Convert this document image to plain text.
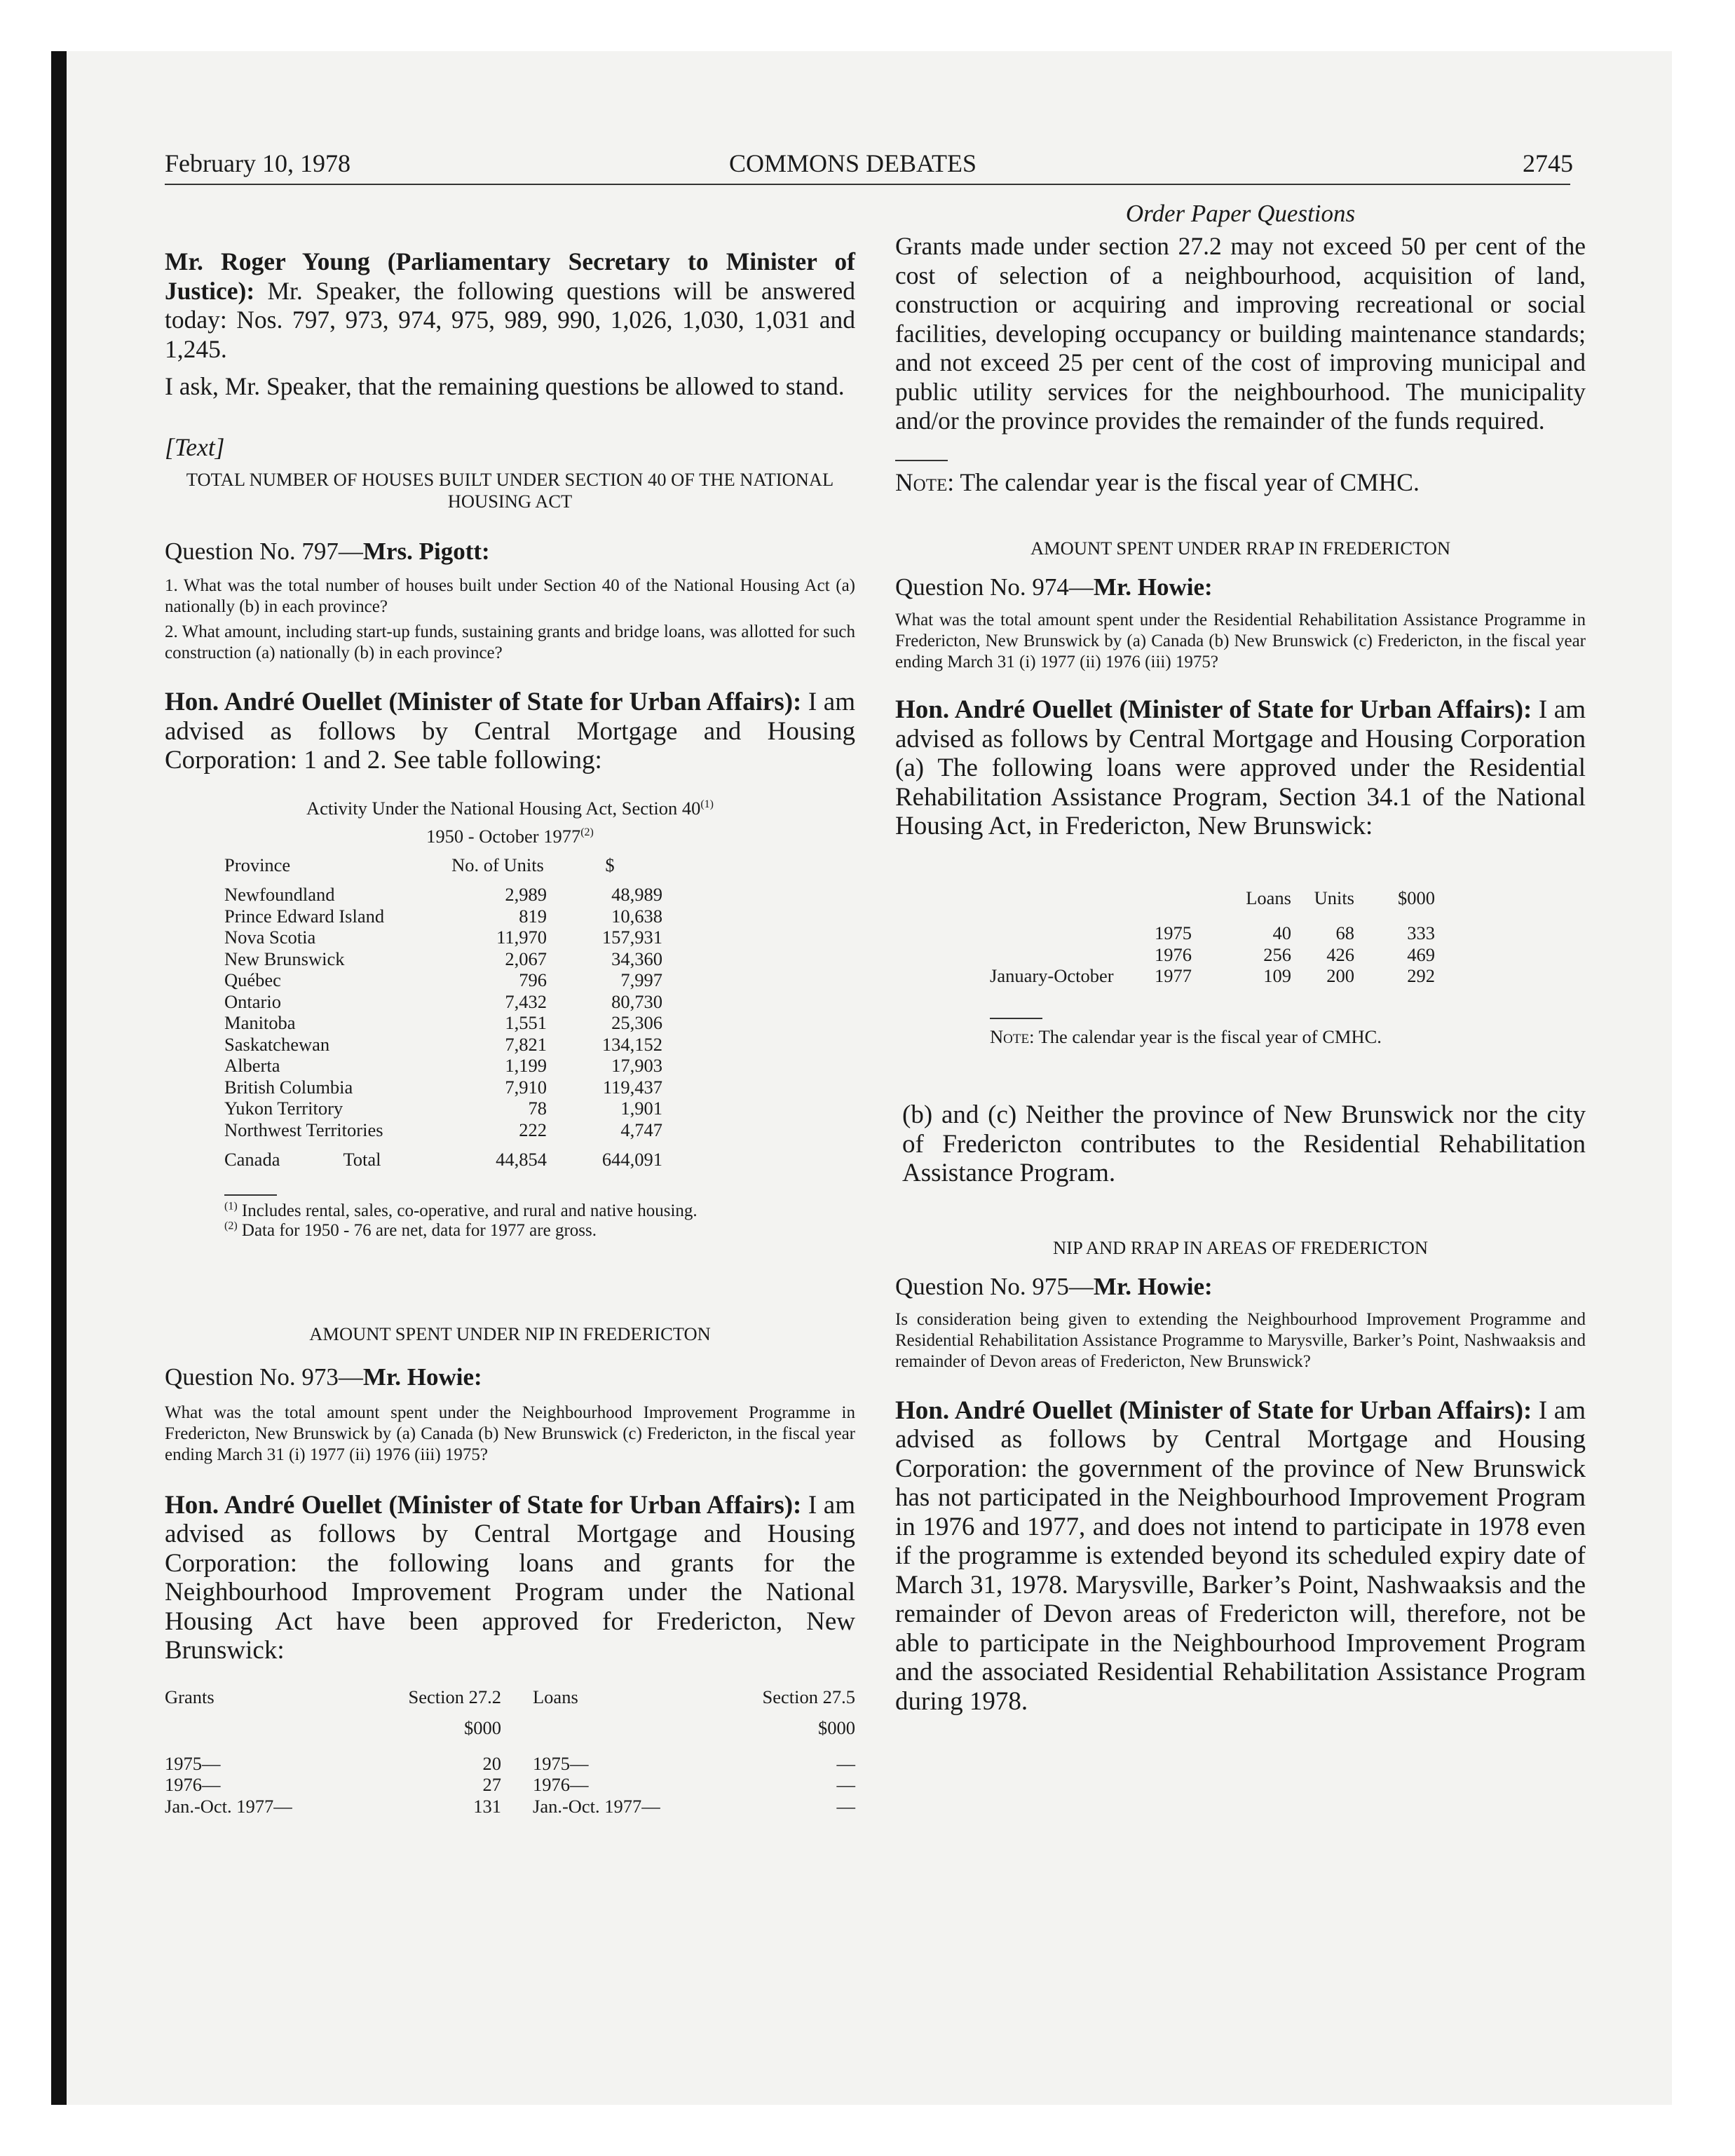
February 10, 1978	COMMONS DEBATES	2745

Mr. Roger Young (Parliamentary Secretary to Minister of Justice): Mr. Speaker, the following questions will be answered today: Nos. 797, 973, 974, 975, 989, 990, 1,026, 1,030, 1,031 and 1,245.

I ask, Mr. Speaker, that the remaining questions be allowed to stand.

[Text]

TOTAL NUMBER OF HOUSES BUILT UNDER SECTION 40 OF THE NATIONAL HOUSING ACT

Question No. 797—Mrs. Pigott:

1. What was the total number of houses built under Section 40 of the National Housing Act (a) nationally (b) in each province?

2. What amount, including start-up funds, sustaining grants and bridge loans, was allotted for such construction (a) nationally (b) in each province?

Hon. André Ouellet (Minister of State for Urban Affairs): I am advised as follows by Central Mortgage and Housing Corporation: 1 and 2. See table following:

Activity Under the National Housing Act, Section 40$^{(1)}$

1950 - October 1977$^{(2)}$

Province	No. of Units	$
Newfoundland	2,989	48,989
Prince Edward Island	819	10,638
Nova Scotia	11,970	157,931
New Brunswick	2,067	34,360
Québec	796	7,997
Ontario	7,432	80,730
Manitoba	1,551	25,306
Saskatchewan	7,821	134,152
Alberta	1,199	17,903
British Columbia	7,910	119,437
Yukon Territory	78	1,901
Northwest Territories	222	4,747
Canada Total	44,854	644,091

$^{(1)}$ Includes rental, sales, co-operative, and rural and native housing.

$^{(2)}$ Data for 1950 - 76 are net, data for 1977 are gross.

AMOUNT SPENT UNDER NIP IN FREDERICTON

Question No. 973—Mr. Howie:

What was the total amount spent under the Neighbourhood Improvement Programme in Fredericton, New Brunswick by (a) Canada (b) New Brunswick (c) Fredericton, in the fiscal year ending March 31 (i) 1977 (ii) 1976 (iii) 1975?

Hon. André Ouellet (Minister of State for Urban Affairs): I am advised as follows by Central Mortgage and Housing Corporation: the following loans and grants for the Neighbourhood Improvement Program under the National Housing Act have been approved for Fredericton, New Brunswick:

Grants	Section 27.2		Loans	Section 27.5
	$000			$000
1975—	20		1975—	—
1976—	27		1976—	—
Jan.-Oct. 1977—	131		Jan.-Oct. 1977—	—

Order Paper Questions

Grants made under section 27.2 may not exceed 50 per cent of the cost of selection of a neighbourhood, acquisition of land, construction or acquiring and improving recreational or social facilities, developing occupancy or building maintenance standards; and not exceed 25 per cent of the cost of improving municipal and public utility services for the neighbourhood. The municipality and/or the province provides the remainder of the funds required.

Note: The calendar year is the fiscal year of CMHC.

AMOUNT SPENT UNDER RRAP IN FREDERICTON

Question No. 974—Mr. Howie:

What was the total amount spent under the Residential Rehabilitation Assistance Programme in Fredericton, New Brunswick by (a) Canada (b) New Brunswick (c) Fredericton, in the fiscal year ending March 31 (i) 1977 (ii) 1976 (iii) 1975?

Hon. André Ouellet (Minister of State for Urban Affairs): I am advised as follows by Central Mortgage and Housing Corporation (a) The following loans were approved under the Residential Rehabilitation Assistance Program, Section 34.1 of the National Housing Act, in Fredericton, New Brunswick:

		Loans	Units	$000
	1975	40	68	333
	1976	256	426	469
January-October	1977	109	200	292

Note: The calendar year is the fiscal year of CMHC.

(b) and (c) Neither the province of New Brunswick nor the city of Fredericton contributes to the Residential Rehabilitation Assistance Program.

NIP AND RRAP IN AREAS OF FREDERICTON

Question No. 975—Mr. Howie:

Is consideration being given to extending the Neighbourhood Improvement Programme and Residential Rehabilitation Assistance Programme to Marysville, Barker’s Point, Nashwaaksis and remainder of Devon areas of Fredericton, New Brunswick?

Hon. André Ouellet (Minister of State for Urban Affairs): I am advised as follows by Central Mortgage and Housing Corporation: the government of the province of New Brunswick has not participated in the Neighbourhood Improvement Program in 1976 and 1977, and does not intend to participate in 1978 even if the programme is extended beyond its scheduled expiry date of March 31, 1978. Marysville, Barker’s Point, Nashwaaksis and the remainder of Devon areas of Fredericton will, therefore, not be able to participate in the Neighbourhood Improvement Program and the associated Residential Rehabilitation Assistance Program during 1978.
